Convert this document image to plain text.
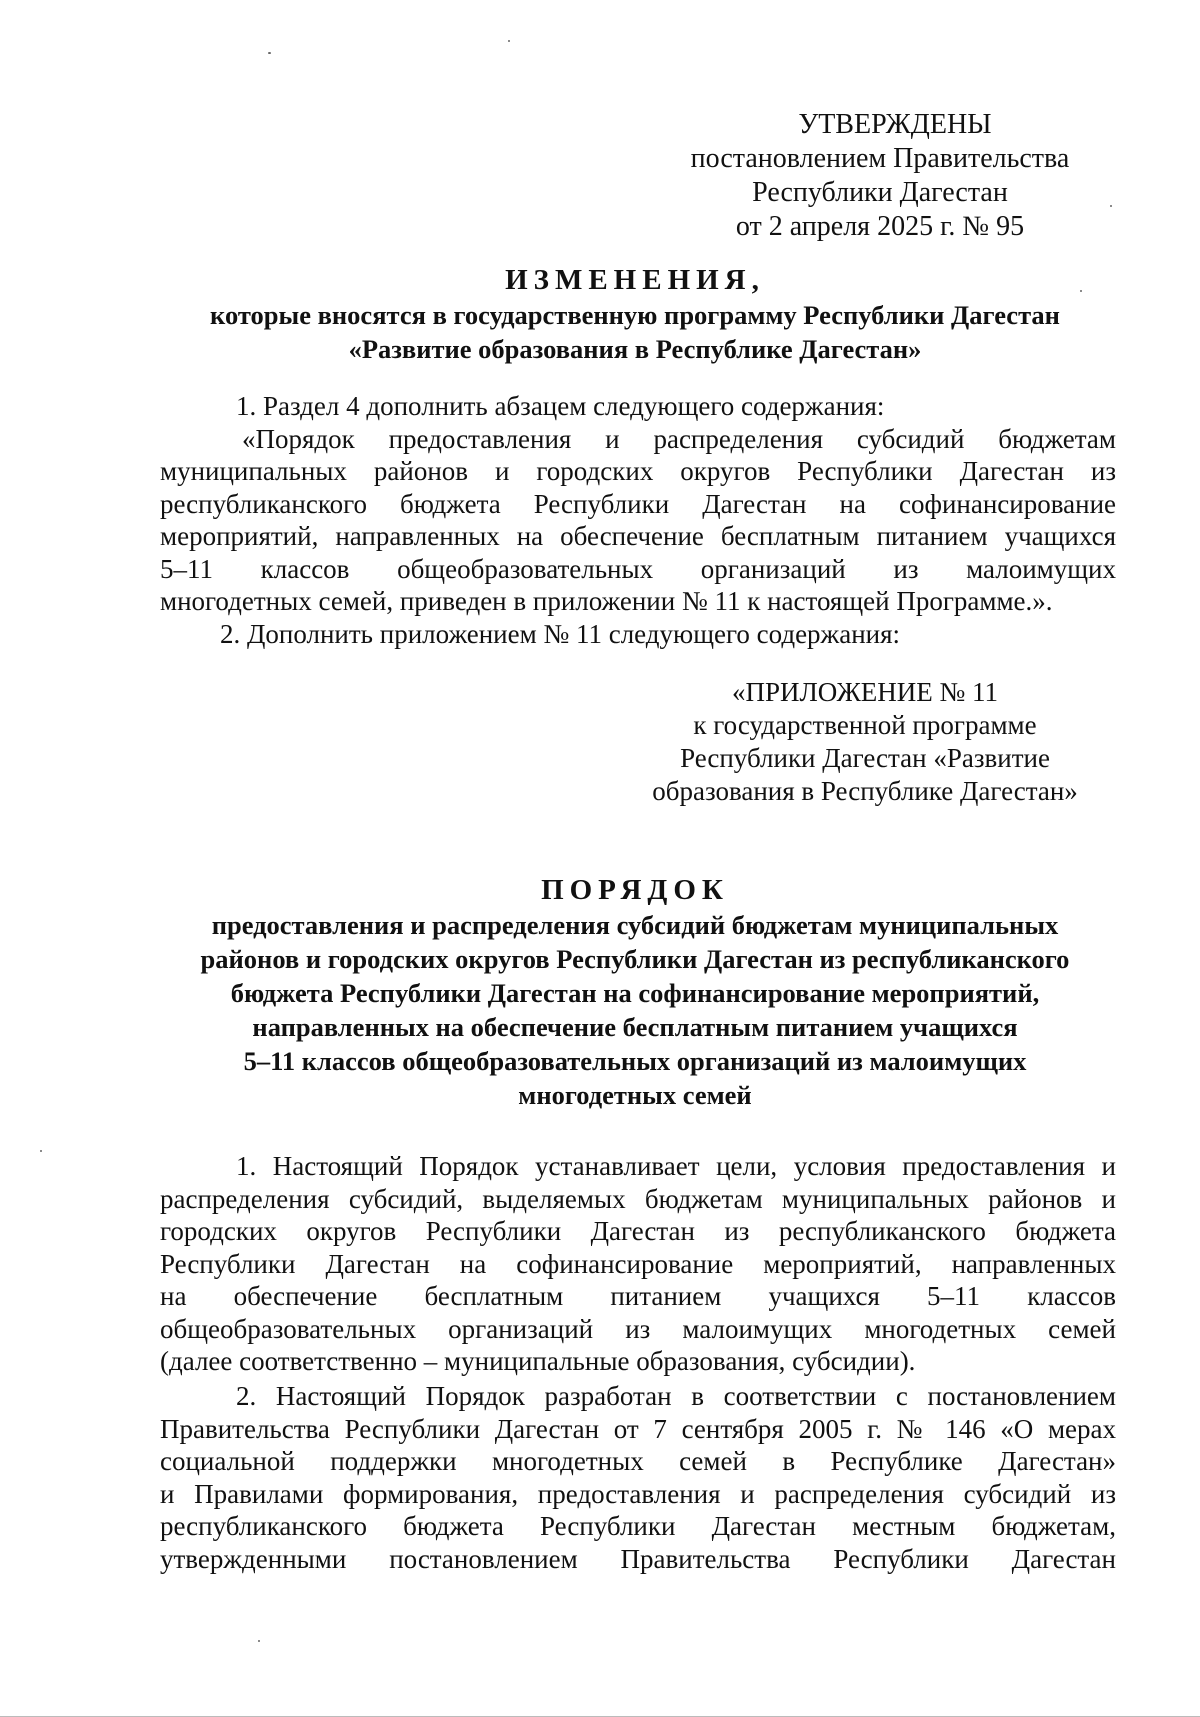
УТВЕРЖДЕНЫ
постановлением Правительства
Республики Дагестан
от 2 апреля 2025 г. № 95
ИЗМЕНЕНИЯ,
которые вносятся в государственную программу Республики Дагестан
«Развитие образования в Республике Дагестан»
1. Раздел 4 дополнить абзацем следующего содержания:
«Порядок предоставления и распределения субсидий бюджетам
муниципальных районов и городских округов Республики Дагестан из
республиканского бюджета Республики Дагестан на софинансирование
мероприятий, направленных на обеспечение бесплатным питанием учащихся
5–11 классов общеобразовательных организаций из малоимущих
многодетных семей, приведен в приложении № 11 к настоящей Программе.».
2. Дополнить приложением № 11 следующего содержания:
«ПРИЛОЖЕНИЕ № 11
к государственной программе
Республики Дагестан «Развитие
образования в Республике Дагестан»
ПОРЯДОК
предоставления и распределения субсидий бюджетам муниципальных
районов и городских округов Республики Дагестан из республиканского
бюджета Республики Дагестан на софинансирование мероприятий,
направленных на обеспечение бесплатным питанием учащихся
5–11 классов общеобразовательных организаций из малоимущих
многодетных семей
1. Настоящий Порядок устанавливает цели, условия предоставления и
распределения субсидий, выделяемых бюджетам муниципальных районов и
городских округов Республики Дагестан из республиканского бюджета
Республики Дагестан на софинансирование мероприятий, направленных
на обеспечение бесплатным питанием учащихся 5–11 классов
общеобразовательных организаций из малоимущих многодетных семей
(далее соответственно – муниципальные образования, субсидии).
2. Настоящий Порядок разработан в соответствии с постановлением
Правительства Республики Дагестан от 7 сентября 2005 г. № 146 «О мерах
социальной поддержки многодетных семей в Республике Дагестан»
и Правилами формирования, предоставления и распределения субсидий из
республиканского бюджета Республики Дагестан местным бюджетам,
утвержденными постановлением Правительства Республики Дагестан
